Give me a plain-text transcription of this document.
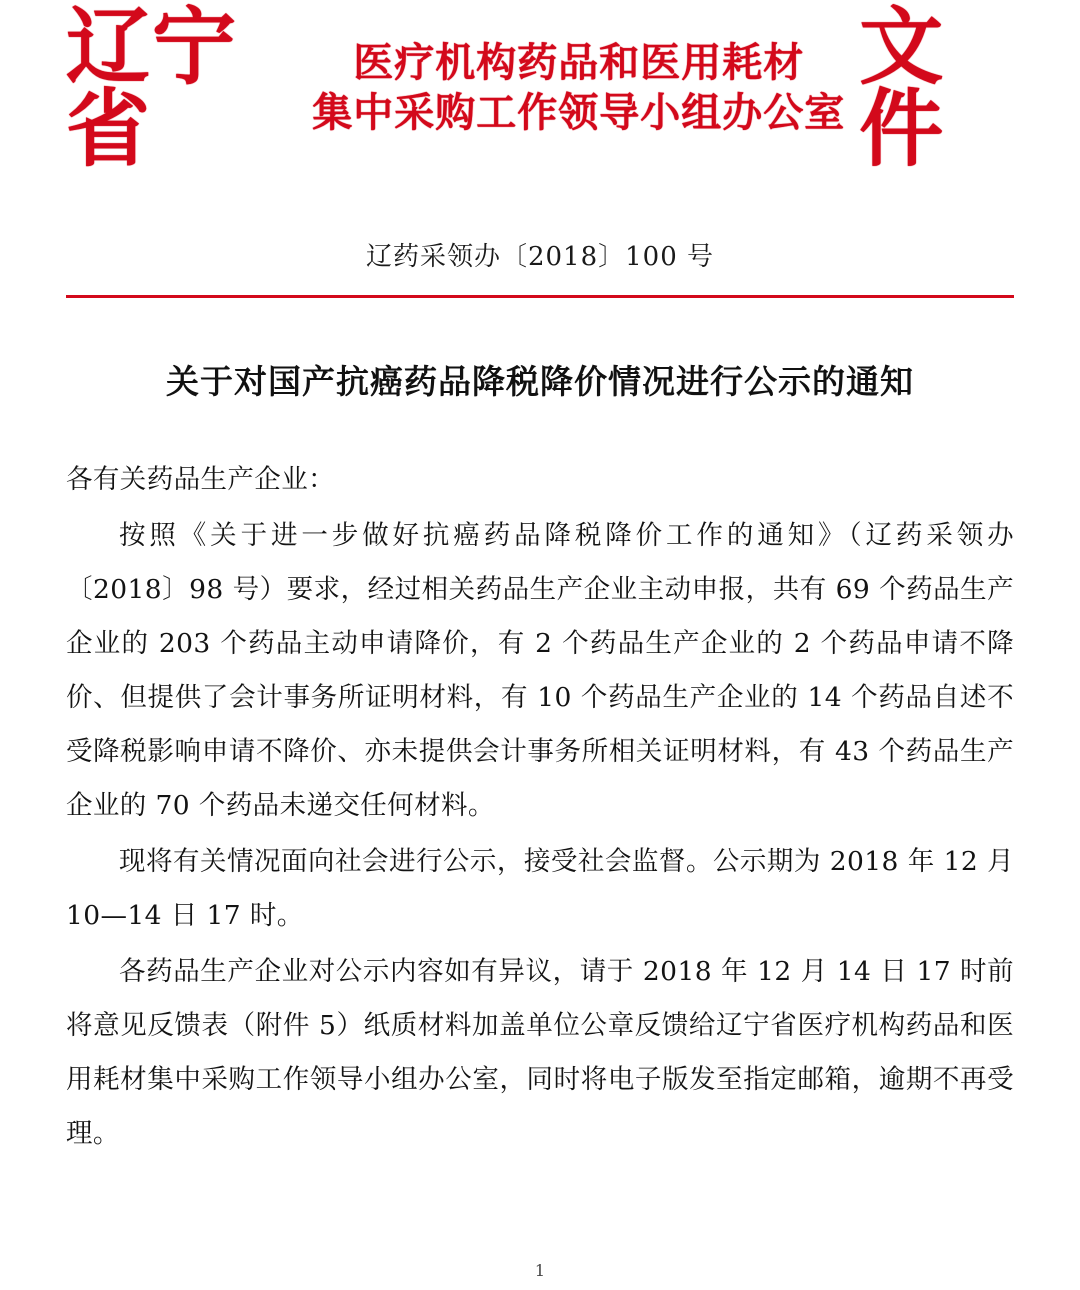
辽宁省
医疗机构药品和医用耗材
集中采购工作领导小组办公室
文件
辽药采领办〔2018〕100 号
关于对国产抗癌药品降税降价情况进行公示的通知

各有关药品生产企业：

按照《关于进一步做好抗癌药品降税降价工作的通知》（辽药采领办〔2018〕98 号）要求，经过相关药品生产企业主动申报，共有 69 个药品生产企业的 203 个药品主动申请降价，有 2 个药品生产企业的 2 个药品申请不降价、但提供了会计事务所证明材料，有 10 个药品生产企业的 14 个药品自述不受降税影响申请不降价、亦未提供会计事务所相关证明材料，有 43 个药品生产企业的 70 个药品未递交任何材料。

现将有关情况面向社会进行公示，接受社会监督。公示期为 2018 年 12 月 10—14 日 17 时。

各药品生产企业对公示内容如有异议，请于 2018 年 12 月 14 日 17 时前将意见反馈表（附件 5）纸质材料加盖单位公章反馈给辽宁省医疗机构药品和医用耗材集中采购工作领导小组办公室，同时将电子版发至指定邮箱，逾期不再受理。

1
